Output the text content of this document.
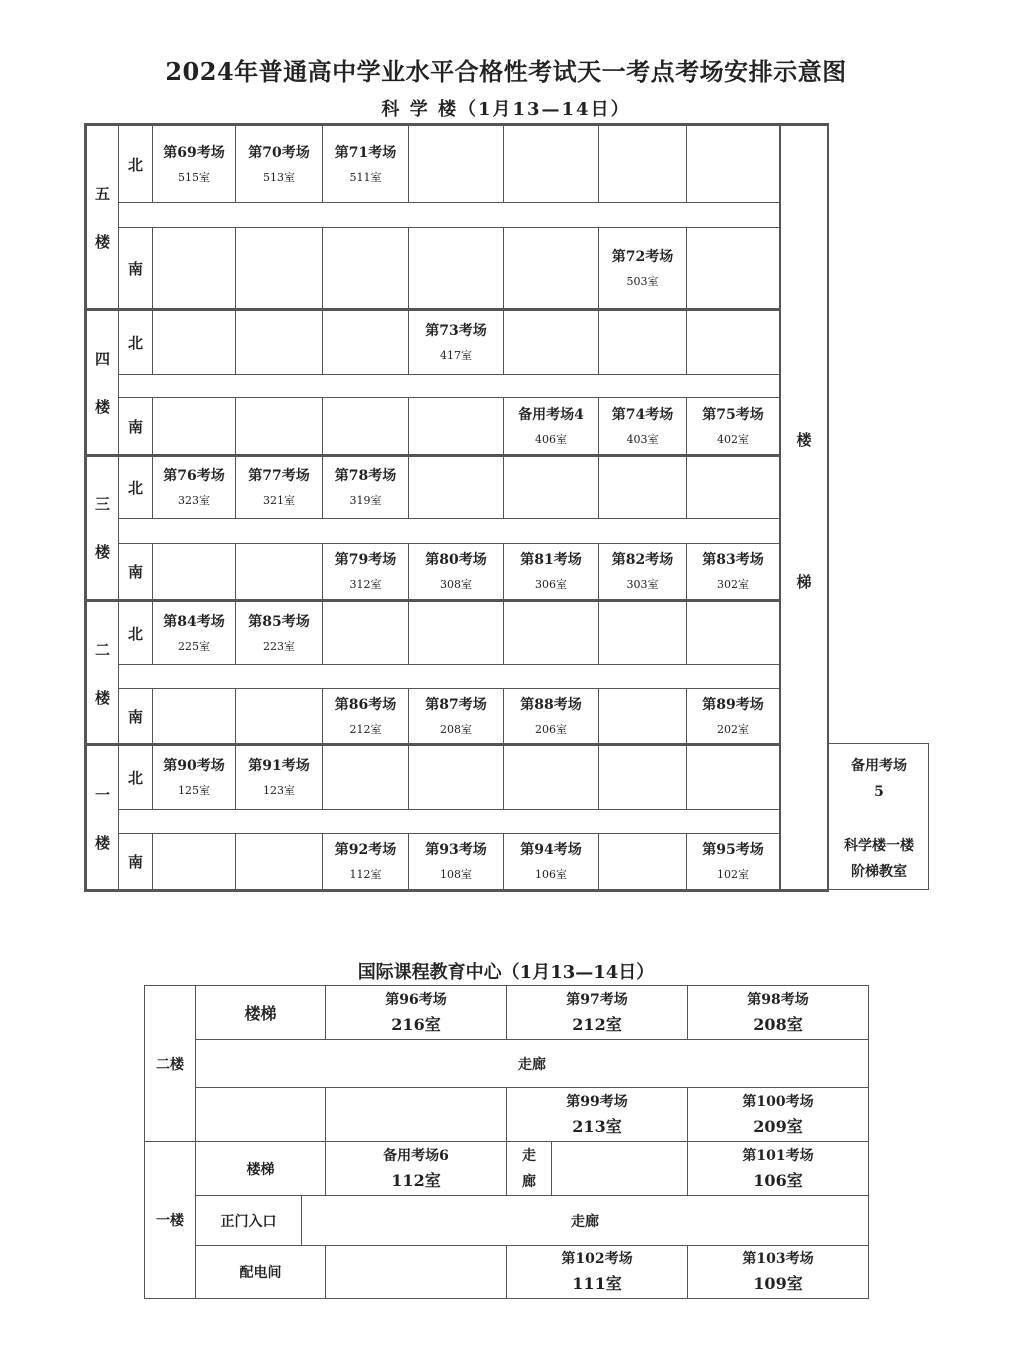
2024年普通高中学业水平合格性考试天一考点考场安排示意图
科 学 楼（1月13—14日）
五
楼
四
楼
三
楼
二
楼
一
楼
北
南
北
南
北
南
北
南
北
南
楼
梯
第69考场
515室
第70考场
513室
第71考场
511室
第72考场
503室
第73考场
417室
备用考场4
406室
第74考场
403室
第75考场
402室
第76考场
323室
第77考场
321室
第78考场
319室
第79考场
312室
第80考场
308室
第81考场
306室
第82考场
303室
第83考场
302室
第84考场
225室
第85考场
223室
第86考场
212室
第87考场
208室
第88考场
206室
第89考场
202室
第90考场
125室
第91考场
123室
第92考场
112室
第93考场
108室
第94考场
106室
第95考场
102室
备用考场
5
科学楼一楼
阶梯教室
国际课程教育中心（1月13—14日）
二楼
一楼
楼梯
第96考场
216室
第97考场
212室
第98考场
208室
走廊
第99考场
213室
第100考场
209室
楼梯
备用考场6
112室
走
廊
第101考场
106室
正门入口	走廊
配电间
第102考场
111室
第103考场
109室
